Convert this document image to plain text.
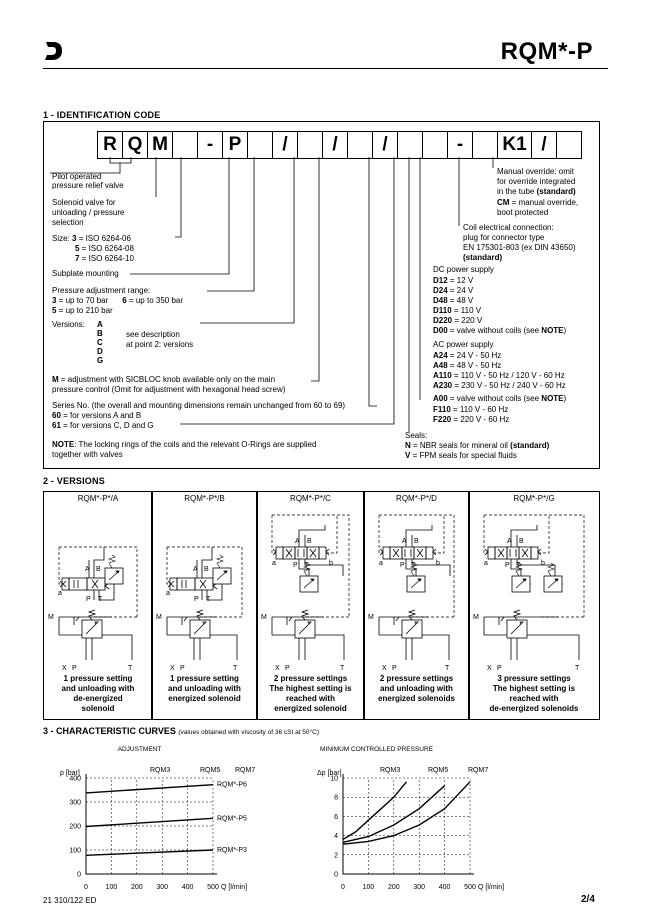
RQM*-P
1 - IDENTIFICATION CODE
R Q M	- P	/	/	/	-	K1 /
Pilot operated
pressure relief valve
Solenoid valve for
unloading / pressure
selection
Size: 3 = ISO 6264-06
5 = ISO 6264-08
7 = ISO 6264-10
Subplate mounting
Pressure adjustment range:
3 = up to 70 bar 6 = up to 350 bar
5 = up to 210 bar
Versions: A
B
C
D
G
see description
at point 2: versions
M = adjustment with SICBLOC knob available only on the main
pressure control (Omit for adjustment with hexagonal head screw)
Series No. (the overall and mounting dimensions remain unchanged from 60 to 69)
60 = for versions A and B
61 = for versions C, D and G
NOTE: The locking rings of the coils and the relevant O-Rings are supplied
together with valves
Manual override: omit
for override integrated
in the tube (standard)
CM = manual override,
boot protected
Coil electrical connection:
plug for connector type
EN 175301-803 (ex DIN 43650)
(standard)
DC power supply
D12 = 12 V
D24 = 24 V
D48 = 48 V
D110 = 110 V
D220 = 220 V
D00 = valve without coils (see NOTE)
AC power supply
A24 = 24 V - 50 Hz
A48 = 48 V - 50 Hz
A110 = 110 V - 50 Hz / 120 V - 60 Hz
A230 = 230 V - 50 Hz / 240 V - 60 Hz
A00 = valve without coils (see NOTE)
F110 = 110 V - 60 Hz
F220 = 220 V - 60 Hz
Seals:
N = NBR seals for mineral oil (standard)
V = FPM seals for special fluids
2 - VERSIONS
RQM*-P*/A
A B
a
P T
M
X P	T
1 pressure setting
and unloading with
de-energized
solenoid
RQM*-P*/B
A B
a
P T
M
X P	T
1 pressure setting
and unloading with
energized solenoid
RQM*-P*/C
A B
a	b
P T
M
X P	T
2 pressure settings
The highest setting is
reached with
energized solenoid
RQM*-P*/D
A B
a	b
P T
M
X P	T
2 pressure settings
and unloading with
energized solenoids
RQM*-P*/G
A B
a	b
P T
M
X P	T
3 pressure settings
The highest setting is
reached with
de-energized solenoids
3 - CHARACTERISTIC CURVES (values obtained with viscosity of 36 cSt at 50°C)
ADJUSTMENT
p [bar]
Q [l/min]
0	100 200 300 400 500
0
100
200
300
400
RQM*-P6
RQM*-P5
RQM*-P3
RQM3	RQM5 RQM7
MINIMUM CONTROLLED PRESSURE
Δp [bar]
Q [l/min]
0	100 200 300 400 500
0
2
4
6
8
10
RQM3	RQM5	RQM7
21 310/122 ED	2/4
